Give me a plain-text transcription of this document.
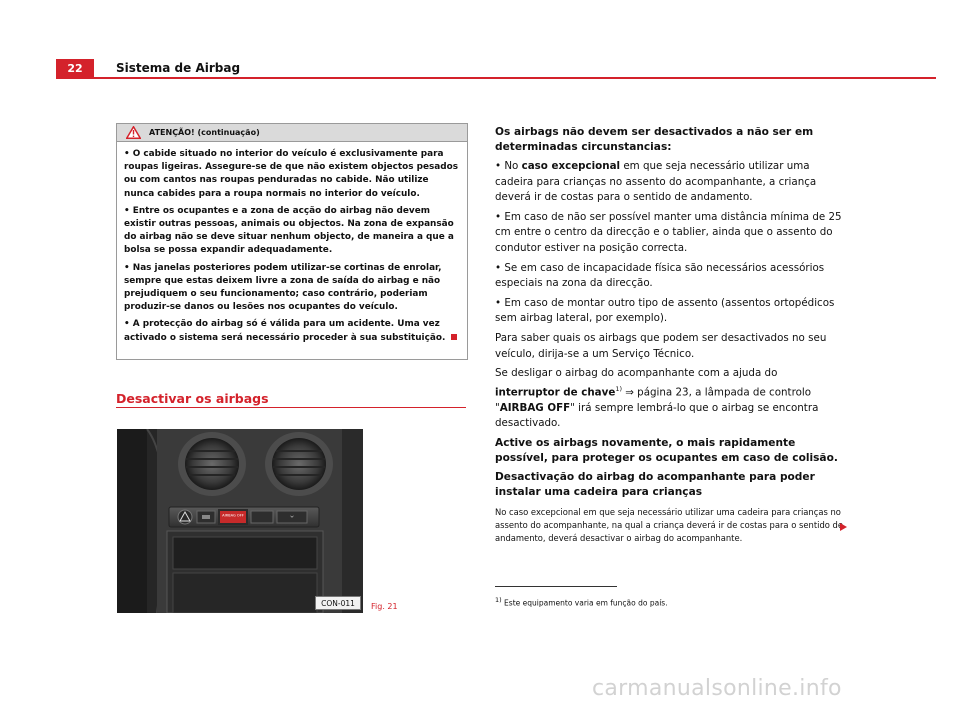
22	Sistema de Airbag
ATENÇÃO! (continuação)

• O cabide situado no interior do veículo é exclusivamente para roupas ligeiras. Assegure-se de que não existem objectos pesados ou com cantos nas roupas penduradas no cabide. Não utilize nunca cabides para a roupa normais no interior do veículo.

• Entre os ocupantes e a zona de acção do airbag não devem existir outras pessoas, animais ou objectos. Na zona de expansão do airbag não se deve situar nenhum objecto, de maneira a que a bolsa se possa expandir adequadamente.

• Nas janelas posteriores podem utilizar-se cortinas de enrolar, sempre que estas deixem livre a zona de saída do airbag e não prejudiquem o seu funcionamento; caso contrário, poderiam produzir-se danos ou lesões nos ocupantes do veículo.

• A protecção do airbag só é válida para um acidente. Uma vez activado o sistema será necessário proceder à sua substituição.

Desactivar os airbags
AIRBAG OFF
CON-011	Fig. 21

Os airbags não devem ser desactivados a não ser em determinadas circunstancias:

• No caso excepcional em que seja necessário utilizar uma cadeira para crianças no assento do acompanhante, a criança deverá ir de costas para o sentido de andamento.

• Em caso de não ser possível manter uma distância mínima de 25 cm entre o centro da direcção e o tablier, ainda que o assento do condutor estiver na posição correcta.

• Se em caso de incapacidade física são necessários acessórios especiais na zona da direcção.

• Em caso de montar outro tipo de assento (assentos ortopédicos sem airbag lateral, por exemplo).

Para saber quais os airbags que podem ser desactivados no seu veículo, dirija-se a um Serviço Técnico.

Se desligar o airbag do acompanhante com a ajuda do interruptor de chave$^{1)}$ ⇒ página 23, a lâmpada de controlo "AIRBAG OFF" irá sempre lembrá-lo que o airbag se encontra desactivado.

Active os airbags novamente, o mais rapidamente possível, para proteger os ocupantes em caso de colisão.

Desactivação do airbag do acompanhante para poder instalar uma cadeira para crianças

No caso excepcional em que seja necessário utilizar uma cadeira para crianças no assento do acompanhante, na qual a criança deverá ir de costas para o sentido de andamento, deverá desactivar o airbag do acompanhante.

$^{1)}$ Este equipamento varia em função do país.
carmanualsonline.info
